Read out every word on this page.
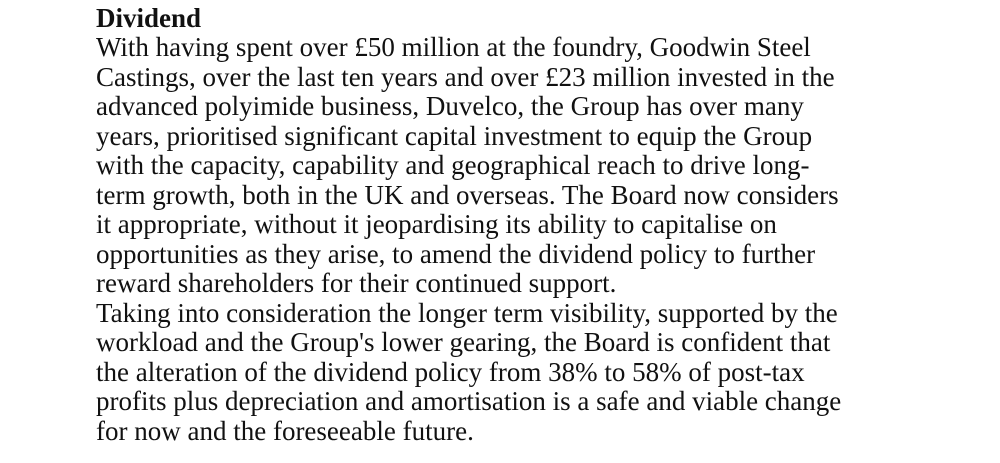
Dividend

With having spent over £50 million at the foundry, Goodwin Steel

Castings, over the last ten years and over £23 million invested in the

advanced polyimide business, Duvelco, the Group has over many

years, prioritised significant capital investment to equip the Group

with the capacity, capability and geographical reach to drive long-

term growth, both in the UK and overseas. The Board now considers

it appropriate, without it jeopardising its ability to capitalise on

opportunities as they arise, to amend the dividend policy to further

reward shareholders for their continued support.

Taking into consideration the longer term visibility, supported by the

workload and the Group's lower gearing, the Board is confident that

the alteration of the dividend policy from 38% to 58% of post-tax

profits plus depreciation and amortisation is a safe and viable change

for now and the foreseeable future.
